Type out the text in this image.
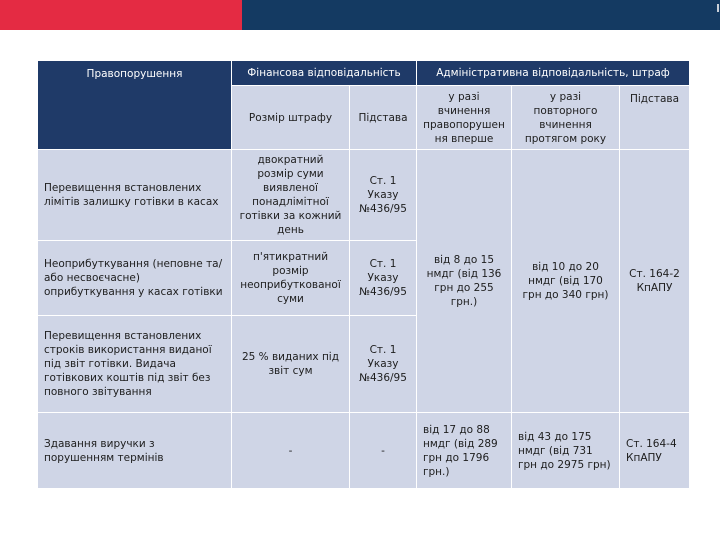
Правопорушення	Фінансова відповідальність		Адміністративна відповідальність, штраф		
	Розмір штрафу	Підстава	у разі вчинення правопорушен ня вперше	у разі повторного вчинення протягом року	Підстава
Перевищення встановлених лімітів залишку готівки в касах	двократний розмір суми виявленої понадлімітної готівки за кожний день	Ст. 1 Указу №436/95	від 8 до 15 нмдг (від 136 грн до 255 грн.)	від 10 до 20 нмдг (від 170 грн до 340 грн)	Ст. 164-2 КпАПУ
Неоприбуткування (неповне та/або несвоєчасне) оприбуткування у касах готівки	п'ятикратний розмір неоприбуткованої суми	Ст. 1 Указу №436/95			
Перевищення встановлених строків використання виданої під звіт готівки. Видача готівкових коштів під звіт без повного звітування	25 % виданих під звіт сум	Ст. 1 Указу №436/95			
Здавання виручки з порушенням термінів	-	-	від 17 до 88 нмдг (від 289 грн до 1796 грн.)	від 43 до 175 нмдг (від 731 грн до 2975 грн)	Ст. 164-4 КпАПУ
